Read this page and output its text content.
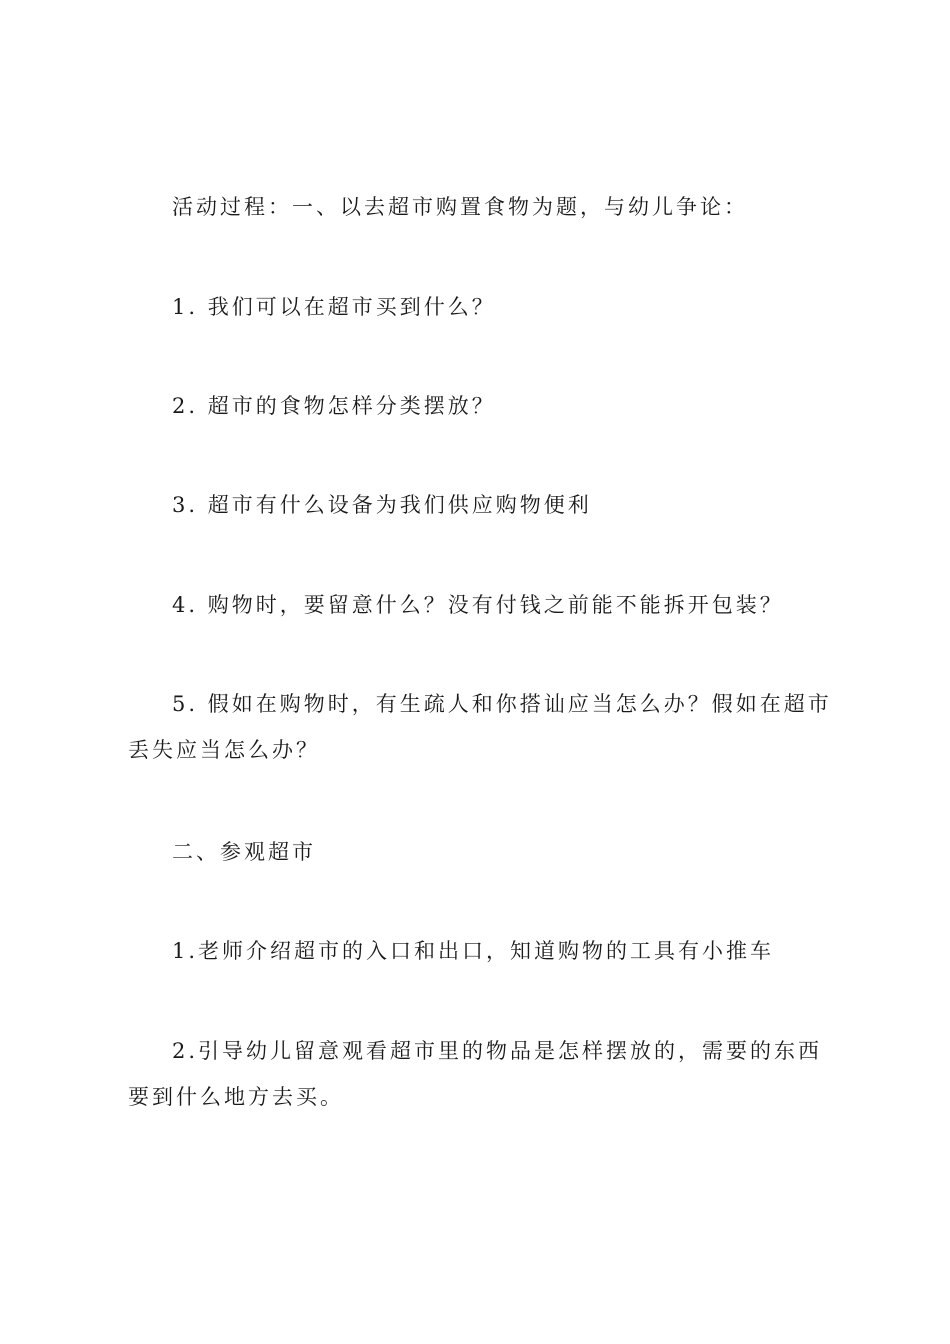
活动过程：一、以去超市购置食物为题，与幼儿争论：

1. 我们可以在超市买到什么？

2. 超市的食物怎样分类摆放？

3. 超市有什么设备为我们供应购物便利

4. 购物时，要留意什么？没有付钱之前能不能拆开包装？

5. 假如在购物时，有生疏人和你搭讪应当怎么办？假如在超市丢失应当怎么办？

二、参观超市

1.老师介绍超市的入口和出口，知道购物的工具有小推车

2.引导幼儿留意观看超市里的物品是怎样摆放的，需要的东西要到什么地方去买。
